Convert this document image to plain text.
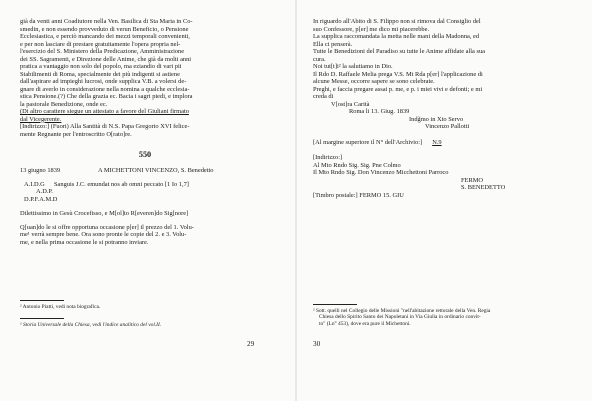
già da venti anni Coadiutore nella Ven. Basilica di Sta Maria in Co-

smedin, e non essendo provveduto di verun Beneficio, o Pensione

Ecclesiastica, e perciò mancando dei mezzi temporali convenienti,

e per non lasciare di prestare gratuitamente l'opera propria nel-

l'esercizio del S. Ministero della Predicazione, Amministrazione

dei SS. Sagramenti, e Direzione delle Anime, che già da molti anni

pratica a vantaggio non solo del popolo, ma eziandio di vari pii

Stabilimenti di Roma, specialmente dei più indigenti si astiene

dall'aspirare ad impieghi lucrosi, onde supplica V.B. a volersi de-

gnare di averlo in considerazione nella nomina a qualche ecclesia-

stica Pensione.(?) Che della grazia ec. Bacia i sagri piedi, e implora

la pastorale Benedizione, onde ec.

(Di altro carattere siegue un attestato a favore del Giuliani firmato

dal Vicegerente.

[Indirizzo:] (Fuori) Alla Santità di N.S. Papa Gregorio XVI felice-

mente Regnante per l'entroscritto O[rato]re.

550
13 giugno 1839	A MICHETTONI VINCENZO, S. Benedetto
A.I.D.G	Sanguis J.C. emundat nos ab omni peccato [1 Io 1,7]
A.D.P.
D.P.F.A.M.D

Dilettissimo in Gesù Crocefisso, e M[ol]to R[everen]do Sig[nore]

Q[uan]do le si offre opportuna occasione p[er] il prezzo del 1. Volu-

me¹ verrà sempre bene. Ora sono pronte le copie del 2. e 3. Volu-

me, e nella prima occasione le si potranno inviare.

² Antonio Piatti, vedi nota biografica.
¹ Storia Universale della Chiesa, vedi l'indice analitico del vol.II.
29

In riguardo all'Abito di S. Filippo non si rimova dal Consiglio del

suo Confessore, p[er] me dico mi piacerebbe.

La supplica raccomandata la metta nelle mani della Madonna, ed

Ella ci penserà.

Tutte le Benedizioni del Paradiso su tutte le Anime affidate alla sua

cura.

Noi tut[t]i² la salutiamo in Dio.

Il Rdo D. Raffaele Melia prega V.S. Mt Rda p[er] l'applicazione di

alcune Messe, occorre sapere se sono celebrate.

Preghi, e faccia pregare assai p. me, e p. i miei vivi e defonti; e mi

creda di

V[ost]ra Carità

Roma li 13. Giug. 1839

Indg̃mo in Xto Servo

Vincenzo Pallotti

[Al margine superiore il N° dell'Archivio:] N.9

[Indirizzo:]

Al Mto Rndo Sig. Sig. Pne Colmo

Il Mto Rndo Sig. Don Vincenzo Micchettoni Parroco

FERMO

S. BENEDETTO

[Timbro postale:] FERMO 15. GIU

² Sott. quelli nel Collegio delle Missioni "nell'abitazione rettorale della Ven. Regia
Chiesa dello Spirito Santo dei Napoletani in Via Giulia in ordinario convit-
to" (Ln° 453), dove era pure il Michettoni.
30
